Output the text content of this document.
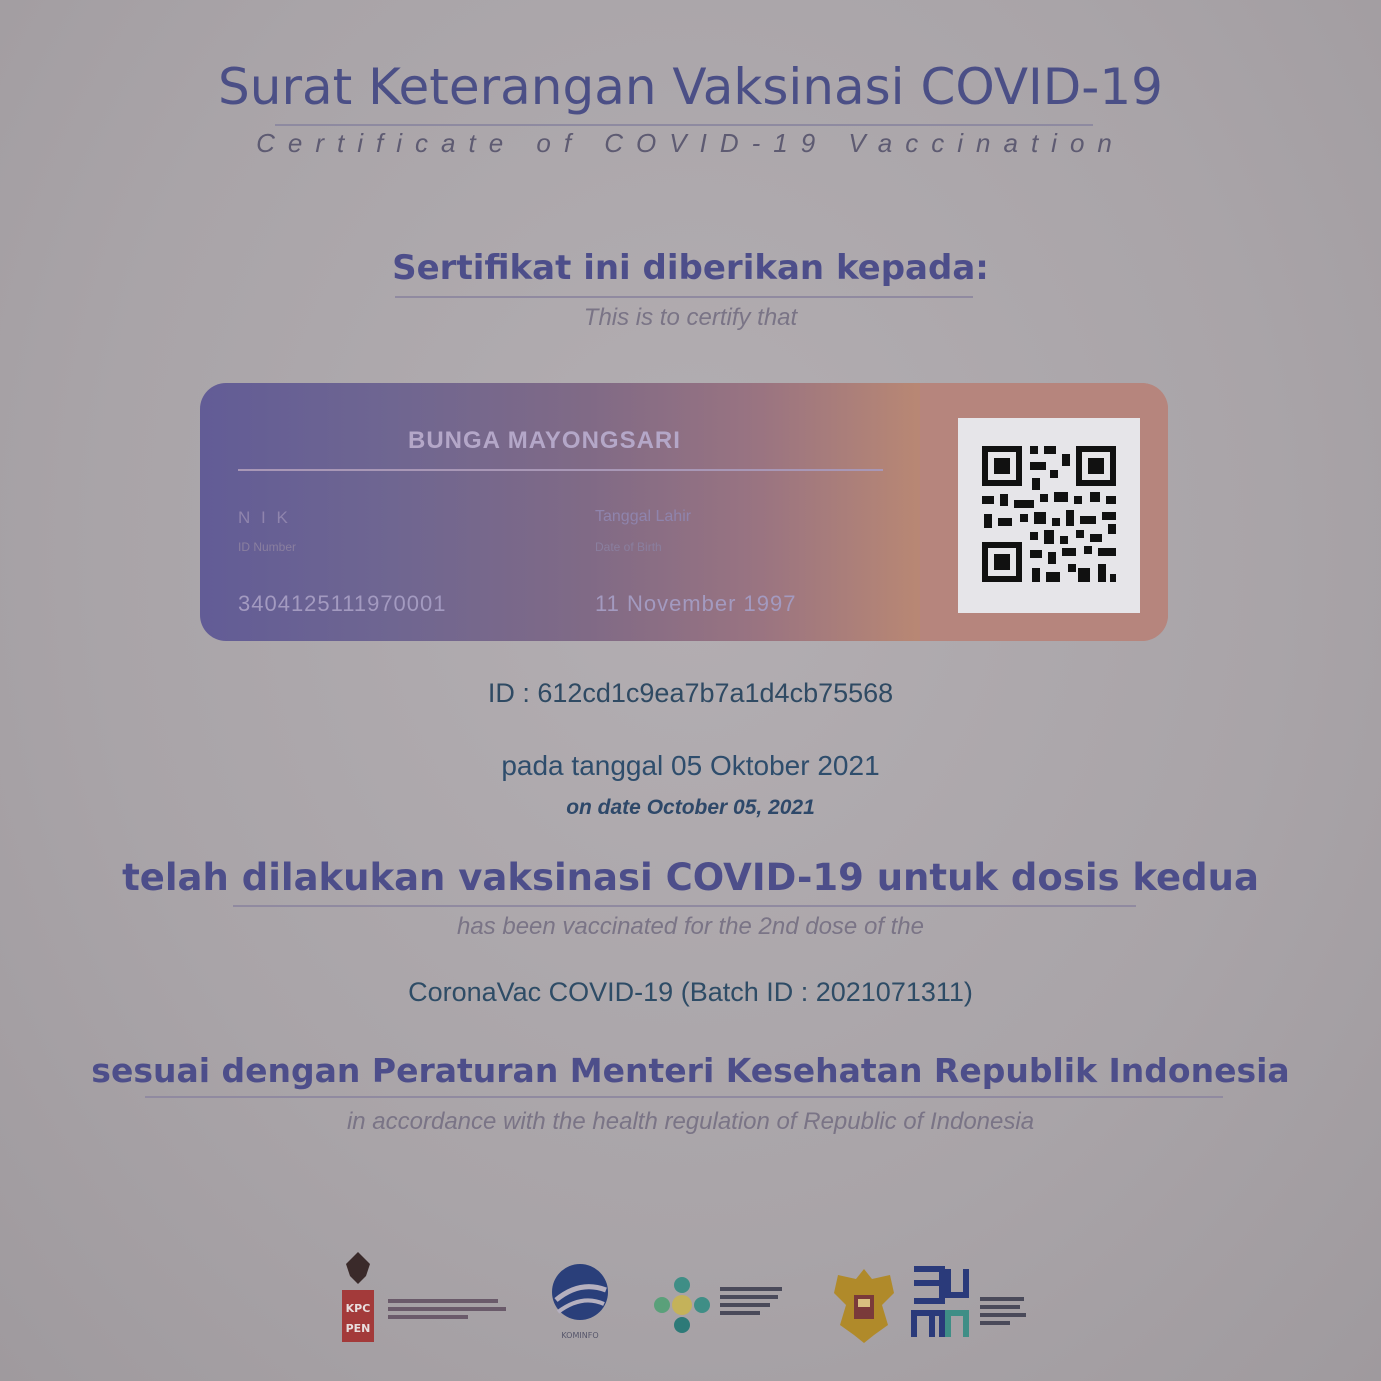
Surat Keterangan Vaksinasi COVID-19
Certificate of COVID-19 Vaccination
Sertifikat ini diberikan kepada:
This is to certify that
BUNGA MAYONGSARI
N I K
ID Number
3404125111970001
Tanggal Lahir
Date of Birth
11 November 1997
ID : 612cd1c9ea7b7a1d4cb75568
pada tanggal 05 Oktober 2021
on date October 05, 2021
telah dilakukan vaksinasi COVID-19 untuk dosis kedua
has been vaccinated for the 2nd dose of the
CoronaVac COVID-19 (Batch ID : 2021071311)
sesuai dengan Peraturan Menteri Kesehatan Republik Indonesia
in accordance with the health regulation of Republic of Indonesia
KPC
PEN
KOMINFO
